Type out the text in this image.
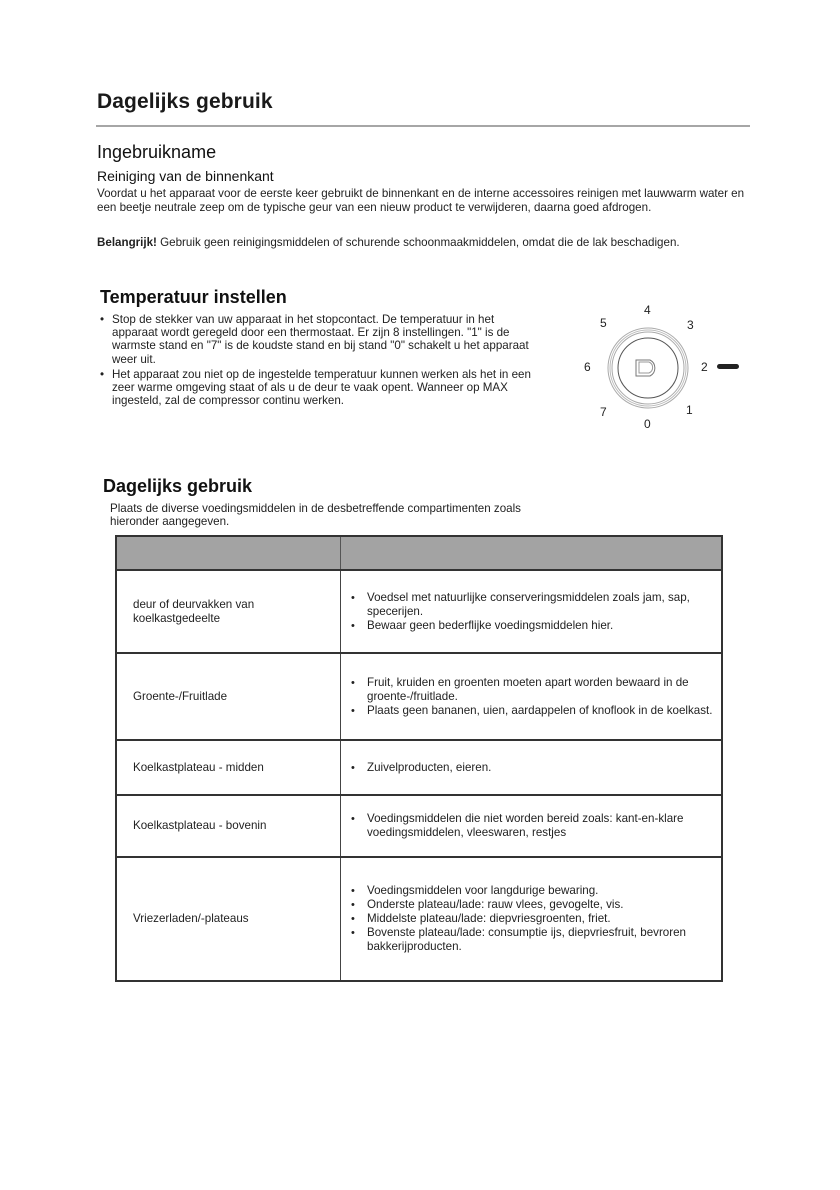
Dagelijks gebruik
Ingebruikname
Reiniging van de binnenkant
Voordat u het apparaat voor de eerste keer gebruikt de binnenkant en de interne accessoires reinigen met lauwwarm water en een beetje neutrale zeep om de typische geur van een nieuw product te verwijderen, daarna goed afdrogen.
Belangrijk! Gebruik geen reinigingsmiddelen of schurende schoonmaakmiddelen, omdat die de lak beschadigen.
Temperatuur instellen
• Stop de stekker van uw apparaat in het stopcontact. De temperatuur in het apparaat wordt geregeld door een thermostaat. Er zijn 8 instellingen. "1" is de warmste stand en "7" is de koudste stand en bij stand "0" schakelt u het apparaat weer uit.
• Het apparaat zou niet op de ingestelde temperatuur kunnen werken als het in een zeer warme omgeving staat of als u de deur te vaak opent. Wanneer op MAX ingesteld, zal de compressor continu werken.
4
5	3
6	2
7	1
0
Dagelijks gebruik
Plaats de diverse voedingsmiddelen in de desbetreffende compartimenten zoals hieronder aangegeven.

deur of deurvakken van koelkastgedeelte	
• Voedsel met natuurlijke conserveringsmiddelen zoals jam, sap, specerijen.
• Bewaar geen bederflijke voedingsmiddelen hier.

Groente-/Fruitlade	
• Fruit, kruiden en groenten moeten apart worden bewaard in de groente-/fruitlade.
• Plaats geen bananen, uien, aardappelen of knoflook in de koelkast.

Koelkastplateau - midden	• Zuivelproducten, eieren.

Koelkastplateau - bovenin	• Voedingsmiddelen die niet worden bereid zoals: kant-en-klare voedingsmiddelen, vleeswaren, restjes

Vriezerladen/-plateaus	
• Voedingsmiddelen voor langdurige bewaring.
• Onderste plateau/lade: rauw vlees, gevogelte, vis.
• Middelste plateau/lade: diepvriesgroenten, friet.
• Bovenste plateau/lade: consumptie ijs, diepvriesfruit, bevroren bakkerijproducten.
